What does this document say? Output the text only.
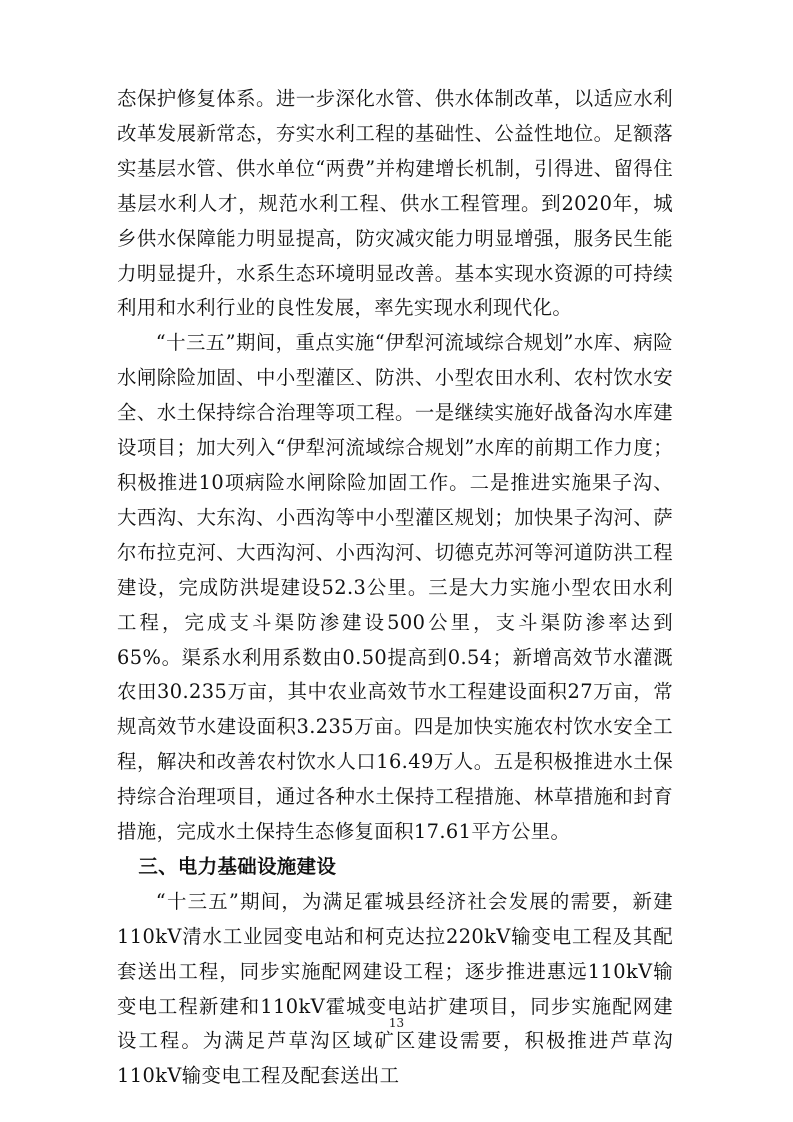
态保护修复体系。进一步深化水管、供水体制改革，以适应水利改革发展新常态，夯实水利工程的基础性、公益性地位。足额落实基层水管、供水单位“两费”并构建增长机制，引得进、留得住基层水利人才，规范水利工程、供水工程管理。到2020年，城乡供水保障能力明显提高，防灾减灾能力明显增强，服务民生能力明显提升，水系生态环境明显改善。基本实现水资源的可持续利用和水利行业的良性发展，率先实现水利现代化。

“十三五”期间，重点实施“伊犁河流域综合规划”水库、病险水闸除险加固、中小型灌区、防洪、小型农田水利、农村饮水安全、水土保持综合治理等项工程。一是继续实施好战备沟水库建设项目；加大列入“伊犁河流域综合规划”水库的前期工作力度；积极推进10项病险水闸除险加固工作。二是推进实施果子沟、大西沟、大东沟、小西沟等中小型灌区规划；加快果子沟河、萨尔布拉克河、大西沟河、小西沟河、切德克苏河等河道防洪工程建设，完成防洪堤建设52.3公里。三是大力实施小型农田水利工程，完成支斗渠防渗建设500公里，支斗渠防渗率达到65%。渠系水利用系数由0.50提高到0.54；新增高效节水灌溉农田30.235万亩，其中农业高效节水工程建设面积27万亩，常规高效节水建设面积3.235万亩。四是加快实施农村饮水安全工程，解决和改善农村饮水人口16.49万人。五是积极推进水土保持综合治理项目，通过各种水土保持工程措施、林草措施和封育措施，完成水土保持生态修复面积17.61平方公里。

三、电力基础设施建设

“十三五”期间，为满足霍城县经济社会发展的需要，新建110kV清水工业园变电站和柯克达拉220kV输变电工程及其配套送出工程，同步实施配网建设工程；逐步推进惠远110kV输变电工程新建和110kV霍城变电站扩建项目，同步实施配网建设工程。为满足芦草沟区域矿区建设需要，积极推进芦草沟110kV输变电工程及配套送出工

13
